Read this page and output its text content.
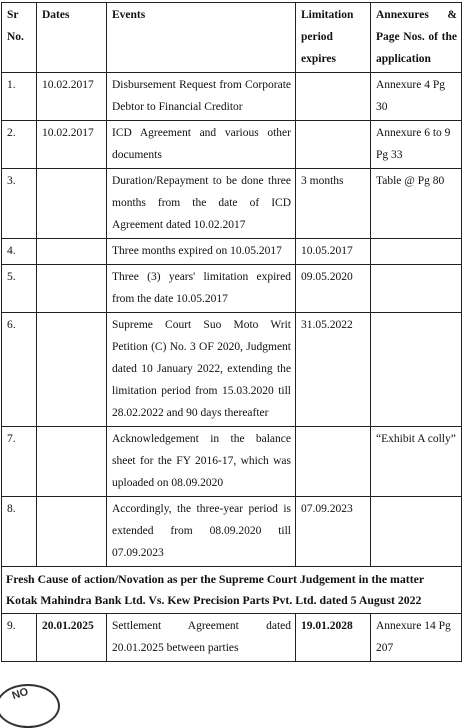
Sr No.	Dates	Events	Limitation period expires	Annexures & Page Nos. of the application
1.	10.02.2017	Disbursement Request from Corporate Debtor to Financial Creditor		Annexure 4 Pg 30
2.	10.02.2017	ICD Agreement and various other documents		Annexure 6 to 9 Pg 33
3.		Duration/Repayment to be done three months from the date of ICD Agreement dated 10.02.2017	3 months	Table @ Pg 80
4.		Three months expired on 10.05.2017	10.05.2017	
5.		Three (3) years' limitation expired from the date 10.05.2017	09.05.2020	
6.		Supreme Court Suo Moto Writ Petition (C) No. 3 OF 2020, Judgment dated 10 January 2022, extending the limitation period from 15.03.2020 till 28.02.2022 and 90 days thereafter	31.05.2022	
7.		Acknowledgement in the balance sheet for the FY 2016-17, which was uploaded on 08.09.2020		“Exhibit A colly”
8.		Accordingly, the three-year period is extended from 08.09.2020 till 07.09.2023	07.09.2023	
Fresh Cause of action/Novation as per the Supreme Court Judgement in the matter Kotak Mahindra Bank Ltd. Vs. Kew Precision Parts Pvt. Ltd. dated 5 August 2022				
9.	20.01.2025	Settlement Agreement dated 20.01.2025 between parties	19.01.2028	Annexure 14 Pg 207
NO
